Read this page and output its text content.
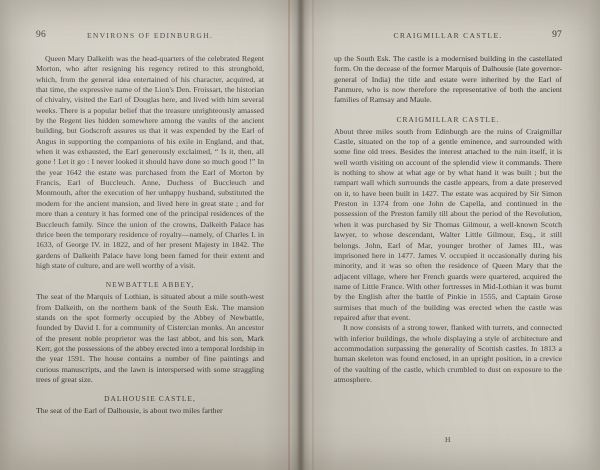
96	ENVIRONS OF EDINBURGH.

Queen Mary Dalkeith was the head-quarters of the celebrated Regent Morton, who after resigning his regency retired to this stronghold, which, from the general idea entertained of his character, acquired, at that time, the expressive name of the Lion's Den. Froissart, the historian of chivalry, visited the Earl of Douglas here, and lived with him several weeks. There is a popular belief that the treasure unrighteously amassed by the Regent lies hidden somewhere among the vaults of the ancient building, but Godscroft assures us that it was expended by the Earl of Angus in supporting the companions of his exile in England, and that, when it was exhausted, the Earl generously exclaimed, “ Is it, then, all gone ! Let it go : I never looked it should have done so much good !” In the year 1642 the estate was purchased from the Earl of Morton by Francis, Earl of Buccleuch. Anne, Duchess of Buccleuch and Monmouth, after the execution of her unhappy husband, substituted the modern for the ancient mansion, and lived here in great state ; and for more than a century it has formed one of the principal residences of the Buccleuch family. Since the union of the crowns, Dalkeith Palace has thrice been the temporary residence of royalty—namely, of Charles I. in 1633, of George IV. in 1822, and of her present Majesty in 1842. The gardens of Dalkeith Palace have long been famed for their extent and high state of culture, and are well worthy of a visit.

NEWBATTLE ABBEY,

The seat of the Marquis of Lothian, is situated about a mile south-west from Dalkeith, on the northern bank of the South Esk. The mansion stands on the spot formerly occupied by the Abbey of Newbattle, founded by David I. for a community of Cistercian monks. An ancestor of the present noble proprietor was the last abbot, and his son, Mark Kerr, got the possessions of the abbey erected into a temporal lordship in the year 1591. The house contains a number of fine paintings and curious manuscripts, and the lawn is interspersed with some straggling trees of great size.

DALHOUSIE CASTLE,

The seat of the Earl of Dalhousie, is about two miles farther

CRAIGMILLAR CASTLE.	97

up the South Esk. The castle is a modernised building in the castellated form. On the decease of the former Marquis of Dalhousie (late governor-general of India) the title and estate were inherited by the Earl of Panmure, who is now therefore the representative of both the ancient families of Ramsay and Maule.

CRAIGMILLAR CASTLE.

About three miles south from Edinburgh are the ruins of Craigmillar Castle, situated on the top of a gentle eminence, and surrounded with some fine old trees. Besides the interest attached to the ruin itself, it is well worth visiting on account of the splendid view it commands. There is nothing to show at what age or by what hand it was built ; but the rampart wall which surrounds the castle appears, from a date preserved on it, to have been built in 1427. The estate was acquired by Sir Simon Preston in 1374 from one John de Capella, and continued in the possession of the Preston family till about the period of the Revolution, when it was purchased by Sir Thomas Gilmour, a well-known Scotch lawyer, to whose descendant, Walter Little Gilmour, Esq., it still belongs. John, Earl of Mar, younger brother of James III., was imprisoned here in 1477. James V. occupied it occasionally during his minority, and it was so often the residence of Queen Mary that the adjacent village, where her French guards were quartered, acquired the name of Little France. With other fortresses in Mid-Lothian it was burnt by the English after the battle of Pinkie in 1555, and Captain Grose surmises that much of the building was erected when the castle was repaired after that event.

It now consists of a strong tower, flanked with turrets, and connected with inferior buildings, the whole displaying a style of architecture and accommodation surpassing the generality of Scottish castles. In 1813 a human skeleton was found enclosed, in an upright position, in a crevice of the vaulting of the castle, which crumbled to dust on exposure to the atmosphere.

H
